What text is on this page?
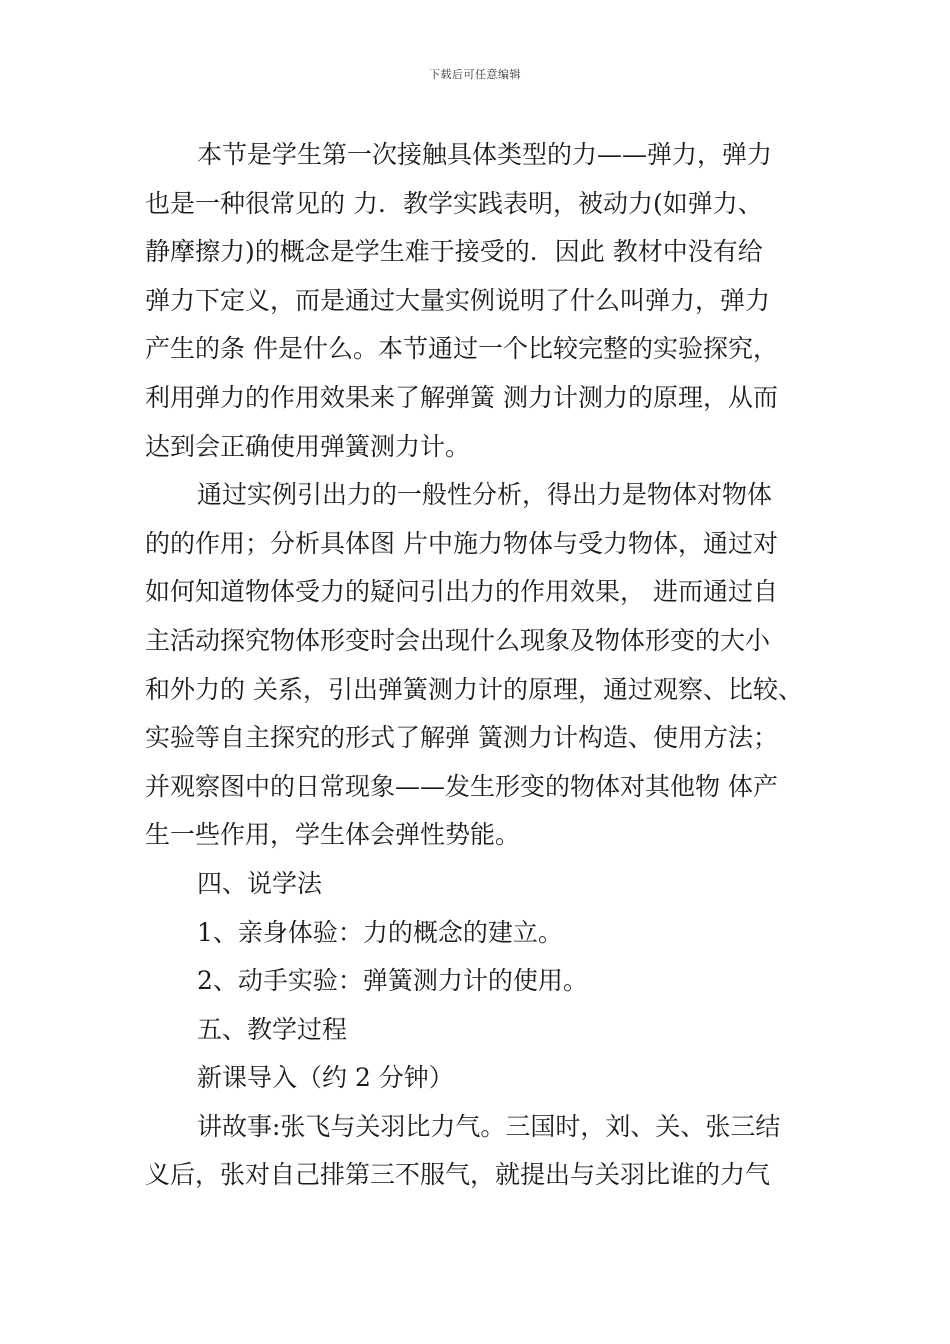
下载后可任意编辑

本节是学生第一次接触具体类型的力——弹力，弹力
也是一种很常见的 力．教学实践表明，被动力(如弹力、
静摩擦力)的概念是学生难于接受的．因此 教材中没有给
弹力下定义，而是通过大量实例说明了什么叫弹力，弹力
产生的条 件是什么。本节通过一个比较完整的实验探究，
利用弹力的作用效果来了解弹簧 测力计测力的原理，从而
达到会正确使用弹簧测力计。

通过实例引出力的一般性分析，得出力是物体对物体
的的作用；分析具体图 片中施力物体与受力物体，通过对
如何知道物体受力的疑问引出力的作用效果， 进而通过自
主活动探究物体形变时会出现什么现象及物体形变的大小
和外力的 关系，引出弹簧测力计的原理，通过观察、比较、
实验等自主探究的形式了解弹 簧测力计构造、使用方法；
并观察图中的日常现象——发生形变的物体对其他物 体产
生一些作用，学生体会弹性势能。

四、说学法

1、亲身体验：力的概念的建立。

2、动手实验：弹簧测力计的使用。

五、教学过程

新课导入（约 2 分钟）

讲故事:张飞与关羽比力气。三国时，刘、关、张三结
义后，张对自己排第三不服气，就提出与关羽比谁的力气
